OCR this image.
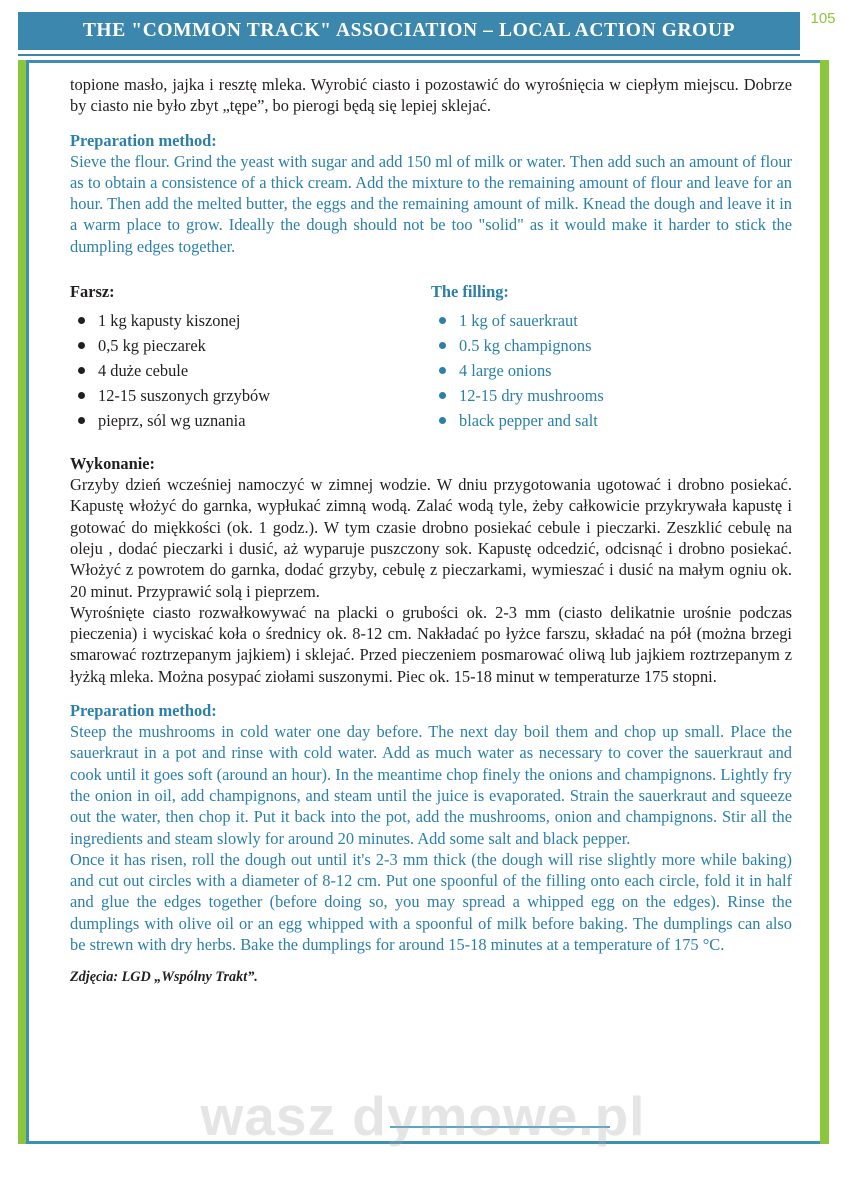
THE "COMMON TRACK" ASSOCIATION – LOCAL ACTION GROUP
105

topione masło, jajka i resztę mleka. Wyrobić ciasto i pozostawić do wyrośnięcia w ciepłym miejscu. Dobrze by ciasto nie było zbyt „tępe”, bo pierogi będą się lepiej sklejać.

Preparation method:

Sieve the flour. Grind the yeast with sugar and add 150 ml of milk or water. Then add such an amount of flour as to obtain a consistence of a thick cream. Add the mixture to the remaining amount of flour and leave for an hour. Then add the melted butter, the eggs and the remaining amount of milk. Knead the dough and leave it in a warm place to grow. Ideally the dough should not be too "solid" as it would make it harder to stick the dumpling edges together.

Farsz:
1 kg kapusty kiszonej
0,5 kg pieczarek
4 duże cebule
12-15 suszonych grzybów
pieprz, sól wg uznania
The filling:
1 kg of sauerkraut
0.5 kg champignons
4 large onions
12-15 dry mushrooms
black pepper and salt
Wykonanie:

Grzyby dzień wcześniej namoczyć w zimnej wodzie. W dniu przygotowania ugotować i drobno posiekać. Kapustę włożyć do garnka, wypłukać zimną wodą. Zalać wodą tyle, żeby całkowicie przykrywała kapustę i gotować do miękkości (ok. 1 godz.). W tym czasie drobno posiekać cebule i pieczarki. Zeszklić cebulę na oleju , dodać pieczarki i dusić, aż wyparuje puszczony sok. Kapustę odcedzić, odcisnąć i drobno posiekać. Włożyć z powrotem do garnka, dodać grzyby, cebulę z pieczarkami, wymieszać i dusić na małym ogniu ok. 20 minut. Przyprawić solą i pieprzem.

Wyrośnięte ciasto rozwałkowywać na placki o grubości ok. 2-3 mm (ciasto delikatnie urośnie podczas pieczenia) i wyciskać koła o średnicy ok. 8-12 cm. Nakładać po łyżce farszu, składać na pół (można brzegi smarować roztrzepanym jajkiem) i sklejać. Przed pieczeniem posmarować oliwą lub jajkiem roztrzepanym z łyżką mleka. Można posypać ziołami suszonymi. Piec ok. 15-18 minut w temperaturze 175 stopni.

Preparation method:

Steep the mushrooms in cold water one day before. The next day boil them and chop up small. Place the sauerkraut in a pot and rinse with cold water. Add as much water as necessary to cover the sauerkraut and cook until it goes soft (around an hour). In the meantime chop finely the onions and champignons. Lightly fry the onion in oil, add champignons, and steam until the juice is evaporated. Strain the sauerkraut and squeeze out the water, then chop it. Put it back into the pot, add the mushrooms, onion and champignons. Stir all the ingredients and steam slowly for around 20 minutes. Add some salt and black pepper.

Once it has risen, roll the dough out until it's 2-3 mm thick (the dough will rise slightly more while baking) and cut out circles with a diameter of 8-12 cm. Put one spoonful of the filling onto each circle, fold it in half and glue the edges together (before doing so, you may spread a whipped egg on the edges). Rinse the dumplings with olive oil or an egg whipped with a spoonful of milk before baking. The dumplings can also be strewn with dry herbs. Bake the dumplings for around 15-18 minutes at a temperature of 175 °C.

Zdjęcia: LGD „Wspólny Trakt”.
wasz dymowe.pl
